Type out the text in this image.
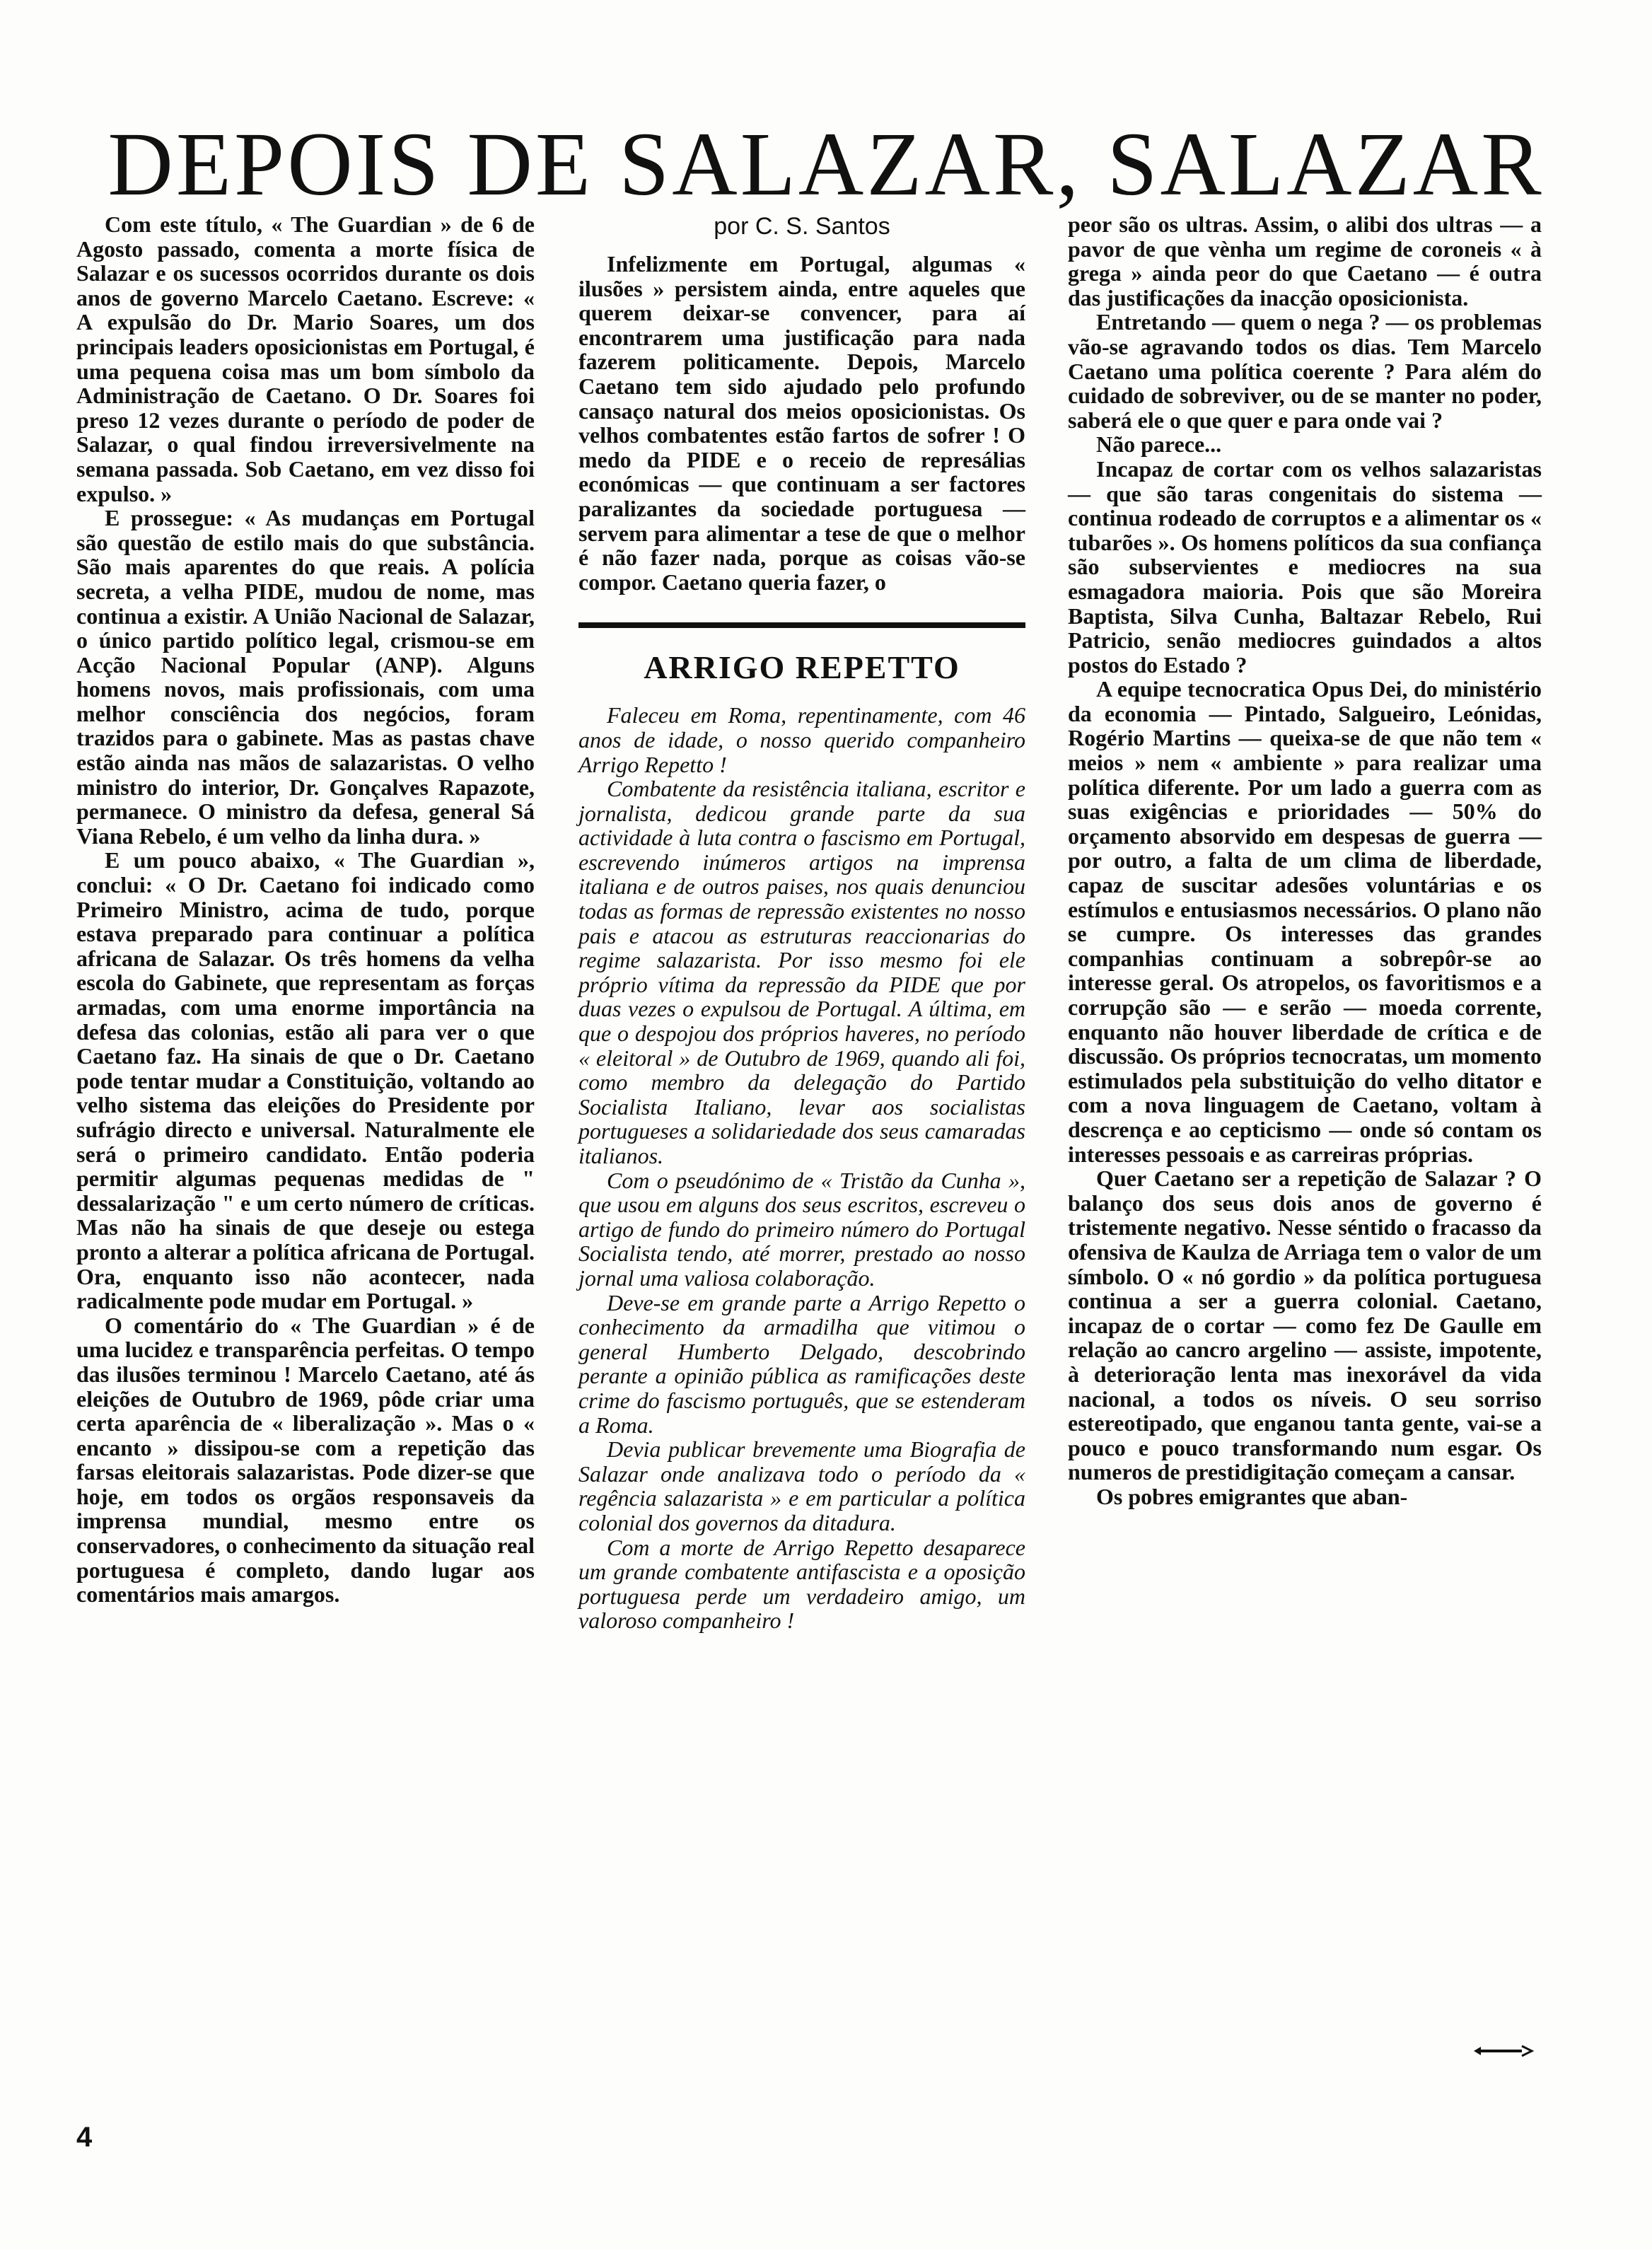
DEPOIS DE SALAZAR, SALAZAR

Com este título, « The Guardian » de 6 de Agosto passado, comenta a morte física de Salazar e os sucessos ocorridos durante os dois anos de governo Marcelo Caetano. Escreve: « A expulsão do Dr. Mario Soares, um dos principais leaders oposicionistas em Portugal, é uma pequena coisa mas um bom símbolo da Administração de Caetano. O Dr. Soares foi preso 12 vezes durante o período de poder de Salazar, o qual findou irreversivelmente na semana passada. Sob Caetano, em vez disso foi expulso. »

E prossegue: « As mudanças em Portugal são questão de estilo mais do que substância. São mais aparentes do que reais. A polícia secreta, a velha PIDE, mudou de nome, mas continua a existir. A União Nacional de Salazar, o único partido político legal, crismou-se em Acção Nacional Popular (ANP). Alguns homens novos, mais profissionais, com uma melhor consciência dos negócios, foram trazidos para o gabinete. Mas as pastas chave estão ainda nas mãos de salazaristas. O velho ministro do interior, Dr. Gonçalves Rapazote, permanece. O ministro da defesa, general Sá Viana Rebelo, é um velho da linha dura. »

E um pouco abaixo, « The Guardian », conclui: « O Dr. Caetano foi indicado como Primeiro Ministro, acima de tudo, porque estava preparado para continuar a política africana de Salazar. Os três homens da velha escola do Gabinete, que representam as forças armadas, com uma enorme importância na defesa das colonias, estão ali para ver o que Caetano faz. Ha sinais de que o Dr. Caetano pode tentar mudar a Constituição, voltando ao velho sistema das eleições do Presidente por sufrágio directo e universal. Naturalmente ele será o primeiro candidato. Então poderia permitir algumas pequenas medidas de " dessalarização " e um certo número de críticas. Mas não ha sinais de que deseje ou estega pronto a alterar a política africana de Portugal. Ora, enquanto isso não acontecer, nada radicalmente pode mudar em Portugal. »

O comentário do « The Guardian » é de uma lucidez e transparência perfeitas. O tempo das ilusões terminou ! Marcelo Caetano, até ás eleições de Outubro de 1969, pôde criar uma certa aparência de « liberalização ». Mas o « encanto » dissipou-se com a repetição das farsas eleitorais salazaristas. Pode dizer-se que hoje, em todos os orgãos responsaveis da imprensa mundial, mesmo entre os conservadores, o conhecimento da situação real portuguesa é completo, dando lugar aos comentários mais amargos.

por C. S. Santos

Infelizmente em Portugal, algumas « ilusões » persistem ainda, entre aqueles que querem deixar-se convencer, para aí encontrarem uma justificação para nada fazerem politicamente. Depois, Marcelo Caetano tem sido ajudado pelo profundo cansaço natural dos meios oposicionistas. Os velhos combatentes estão fartos de sofrer ! O medo da PIDE e o receio de represálias económicas — que continuam a ser factores paralizantes da sociedade portuguesa — servem para alimentar a tese de que o melhor é não fazer nada, porque as coisas vão-se compor. Caetano queria fazer, o

ARRIGO REPETTO

Faleceu em Roma, repentinamente, com 46 anos de idade, o nosso querido companheiro Arrigo Repetto !

Combatente da resistência italiana, escritor e jornalista, dedicou grande parte da sua actividade à luta contra o fascismo em Portugal, escrevendo inúmeros artigos na imprensa italiana e de outros paises, nos quais denunciou todas as formas de repressão existentes no nosso pais e atacou as estruturas reaccionarias do regime salazarista. Por isso mesmo foi ele próprio vítima da repressão da PIDE que por duas vezes o expulsou de Portugal. A última, em que o despojou dos próprios haveres, no período « eleitoral » de Outubro de 1969, quando ali foi, como membro da delegação do Partido Socialista Italiano, levar aos socialistas portugueses a solidariedade dos seus camaradas italianos.

Com o pseudónimo de « Tristão da Cunha », que usou em alguns dos seus escritos, escreveu o artigo de fundo do primeiro número do Portugal Socialista tendo, até morrer, prestado ao nosso jornal uma valiosa colaboração.

Deve-se em grande parte a Arrigo Repetto o conhecimento da armadilha que vitimou o general Humberto Delgado, descobrindo perante a opinião pública as ramificações deste crime do fascismo português, que se estenderam a Roma.

Devia publicar brevemente uma Biografia de Salazar onde analizava todo o período da « regência salazarista » e em particular a política colonial dos governos da ditadura.

Com a morte de Arrigo Repetto desaparece um grande combatente antifascista e a oposição portuguesa perde um verdadeiro amigo, um valoroso companheiro !

peor são os ultras. Assim, o alibi dos ultras — a pavor de que vènha um regime de coroneis « à grega » ainda peor do que Caetano — é outra das justificações da inacção oposicionista.

Entretando — quem o nega ? — os problemas vão-se agravando todos os dias. Tem Marcelo Caetano uma política coerente ? Para além do cuidado de sobreviver, ou de se manter no poder, saberá ele o que quer e para onde vai ?

Não parece...

Incapaz de cortar com os velhos salazaristas — que são taras congenitais do sistema — continua rodeado de corruptos e a alimentar os « tubarões ». Os homens políticos da sua confiança são subservientes e mediocres na sua esmagadora maioria. Pois que são Moreira Baptista, Silva Cunha, Baltazar Rebelo, Rui Patricio, senão mediocres guindados a altos postos do Estado ?

A equipe tecnocratica Opus Dei, do ministério da economia — Pintado, Salgueiro, Leónidas, Rogério Martins — queixa-se de que não tem « meios » nem « ambiente » para realizar uma política diferente. Por um lado a guerra com as suas exigências e prioridades — 50% do orçamento absorvido em despesas de guerra — por outro, a falta de um clima de liberdade, capaz de suscitar adesões voluntárias e os estímulos e entusiasmos necessários. O plano não se cumpre. Os interesses das grandes companhias continuam a sobrepôr-se ao interesse geral. Os atropelos, os favoritismos e a corrupção são — e serão — moeda corrente, enquanto não houver liberdade de crítica e de discussão. Os próprios tecnocratas, um momento estimulados pela substituição do velho ditator e com a nova linguagem de Caetano, voltam à descrença e ao cepticismo — onde só contam os interesses pessoais e as carreiras próprias.

Quer Caetano ser a repetição de Salazar ? O balanço dos seus dois anos de governo é tristemente negativo. Nesse séntido o fracasso da ofensiva de Kaulza de Arriaga tem o valor de um símbolo. O « nó gordio » da política portuguesa continua a ser a guerra colonial. Caetano, incapaz de o cortar — como fez De Gaulle em relação ao cancro argelino — assiste, impotente, à deterioração lenta mas inexorável da vida nacional, a todos os níveis. O seu sorriso estereotipado, que enganou tanta gente, vai-se a pouco e pouco transformando num esgar. Os numeros de prestidigitação começam a cansar.

Os pobres emigrantes que aban-

4
